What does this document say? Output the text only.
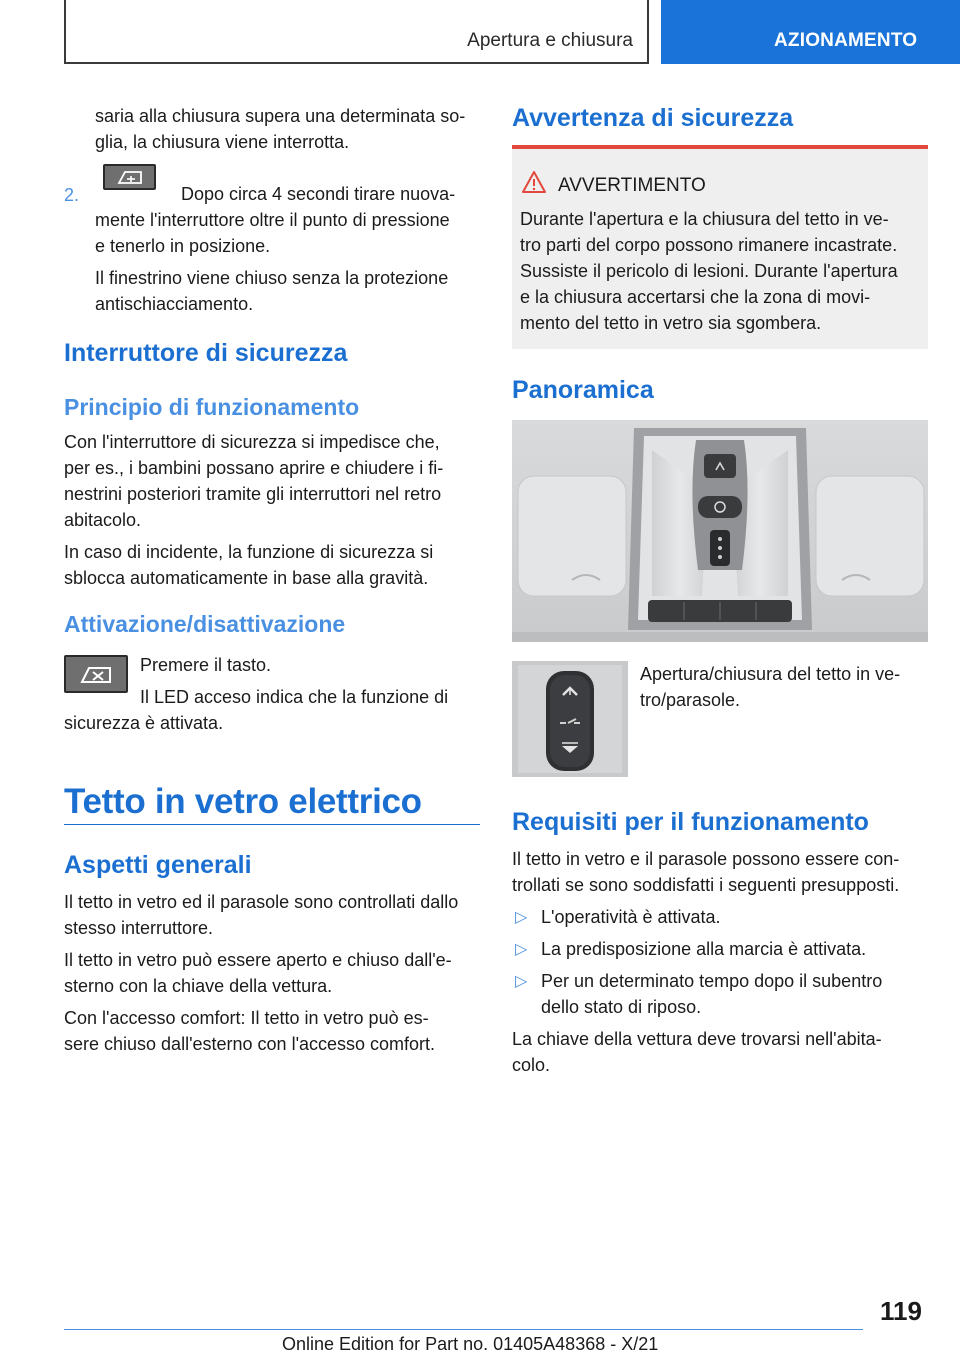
Apertura e chiusura	AZIONAMENTO
saria alla chiusura supera una determinata so-
glia, la chiusura viene interrotta.
2.	Dopo circa 4 secondi tirare nuova-
mente l'interruttore oltre il punto di pressione
e tenerlo in posizione.
Il finestrino viene chiuso senza la protezione
antischiacciamento.
Interruttore di sicurezza
Principio di funzionamento
Con l'interruttore di sicurezza si impedisce che,
per es., i bambini possano aprire e chiudere i fi-
nestrini posteriori tramite gli interruttori nel retro
abitacolo.
In caso di incidente, la funzione di sicurezza si
sblocca automaticamente in base alla gravità.
Attivazione/disattivazione
Premere il tasto.
Il LED acceso indica che la funzione di
sicurezza è attivata.
Tetto in vetro elettrico
Aspetti generali
Il tetto in vetro ed il parasole sono controllati dallo
stesso interruttore.
Il tetto in vetro può essere aperto e chiuso dall'e-
sterno con la chiave della vettura.
Con l'accesso comfort: Il tetto in vetro può es-
sere chiuso dall'esterno con l'accesso comfort.
Avvertenza di sicurezza
AVVERTIMENTO
Durante l'apertura e la chiusura del tetto in ve-
tro parti del corpo possono rimanere incastrate.
Sussiste il pericolo di lesioni. Durante l'apertura
e la chiusura accertarsi che la zona di movi-
mento del tetto in vetro sia sgombera.
Panoramica
Apertura/chiusura del tetto in ve-
tro/parasole.
Requisiti per il funzionamento
Il tetto in vetro e il parasole possono essere con-
trollati se sono soddisfatti i seguenti presupposti.
▷ L'operatività è attivata.
▷ La predisposizione alla marcia è attivata.
▷ Per un determinato tempo dopo il subentro
dello stato di riposo.
La chiave della vettura deve trovarsi nell'abita-
colo.
119
Online Edition for Part no. 01405A48368 - X/21
